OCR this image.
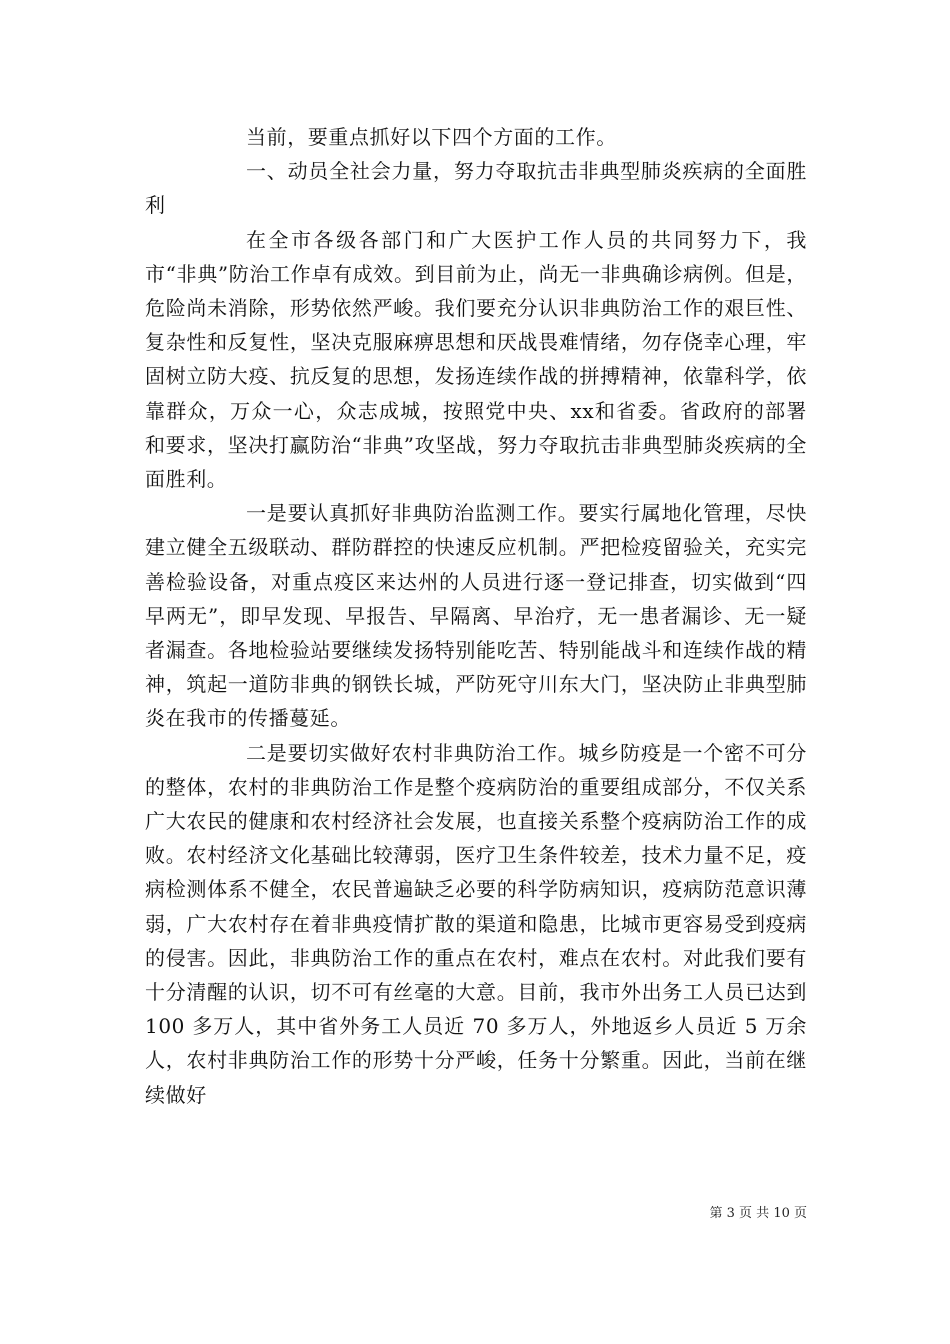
当前，要重点抓好以下四个方面的工作。

一、动员全社会力量，努力夺取抗击非典型肺炎疾病的全面胜利

在全市各级各部门和广大医护工作人员的共同努力下，我市“非典”防治工作卓有成效。到目前为止，尚无一非典确诊病例。但是，危险尚未消除，形势依然严峻。我们要充分认识非典防治工作的艰巨性、复杂性和反复性，坚决克服麻痹思想和厌战畏难情绪，勿存侥幸心理，牢固树立防大疫、抗反复的思想，发扬连续作战的拼搏精神，依靠科学，依靠群众，万众一心，众志成城，按照党中央、xx和省委。省政府的部署和要求，坚决打赢防治“非典”攻坚战，努力夺取抗击非典型肺炎疾病的全面胜利。

一是要认真抓好非典防治监测工作。要实行属地化管理，尽快建立健全五级联动、群防群控的快速反应机制。严把检疫留验关，充实完善检验设备，对重点疫区来达州的人员进行逐一登记排查，切实做到“四早两无”，即早发现、早报告、早隔离、早治疗，无一患者漏诊、无一疑者漏查。各地检验站要继续发扬特别能吃苦、特别能战斗和连续作战的精神，筑起一道防非典的钢铁长城，严防死守川东大门，坚决防止非典型肺炎在我市的传播蔓延。

二是要切实做好农村非典防治工作。城乡防疫是一个密不可分的整体，农村的非典防治工作是整个疫病防治的重要组成部分，不仅关系广大农民的健康和农村经济社会发展，也直接关系整个疫病防治工作的成败。农村经济文化基础比较薄弱，医疗卫生条件较差，技术力量不足，疫病检测体系不健全，农民普遍缺乏必要的科学防病知识，疫病防范意识薄弱，广大农村存在着非典疫情扩散的渠道和隐患，比城市更容易受到疫病的侵害。因此，非典防治工作的重点在农村，难点在农村。对此我们要有十分清醒的认识，切不可有丝毫的大意。目前，我市外出务工人员已达到 100 多万人，其中省外务工人员近 70 多万人，外地返乡人员近 5 万余人，农村非典防治工作的形势十分严峻，任务十分繁重。因此，当前在继续做好

第 3 页 共 10 页
